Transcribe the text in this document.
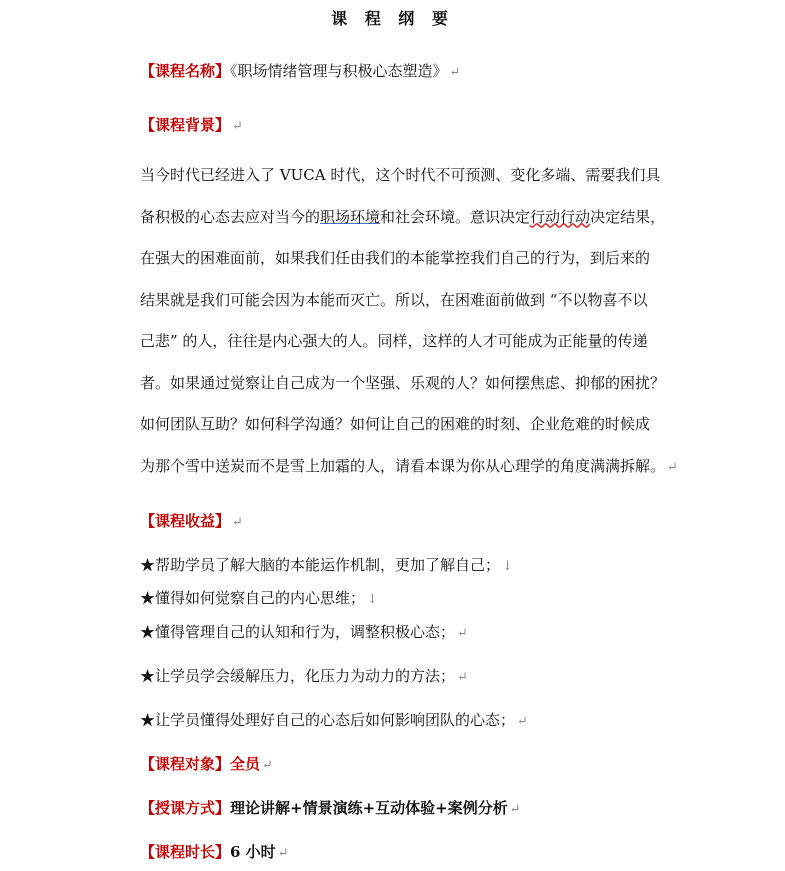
课 程 纲 要
【课程名称】《职场情绪管理与积极心态塑造》 ↵
【课程背景】 ↵
当今时代已经进入了 VUCA 时代，这个时代不可预测、变化多端、需要我们具
备积极的心态去应对当今的职场环境和社会环境。意识决定行动行动决定结果，
在强大的困难面前，如果我们任由我们的本能掌控我们自己的行为，到后来的
结果就是我们可能会因为本能而灭亡。所以，在困难面前做到 “不以物喜不以
己悲” 的人，往往是内心强大的人。同样，这样的人才可能成为正能量的传递
者。如果通过觉察让自己成为一个坚强、乐观的人？如何摆焦虑、抑郁的困扰？
如何团队互助？如何科学沟通？如何让自己的困难的时刻、企业危难的时候成
为那个雪中送炭而不是雪上加霜的人，请看本课为你从心理学的角度满满拆解。 ↵
【课程收益】 ↵
★帮助学员了解大脑的本能运作机制，更加了解自己； ↓
★懂得如何觉察自己的内心思维； ↓
★懂得管理自己的认知和行为，调整积极心态； ↵
★让学员学会缓解压力，化压力为动力的方法； ↵
★让学员懂得处理好自己的心态后如何影响团队的心态； ↵
【课程对象】全员 ↵
【授课方式】理论讲解+情景演练+互动体验+案例分析 ↵
【课程时长】6 小时 ↵
